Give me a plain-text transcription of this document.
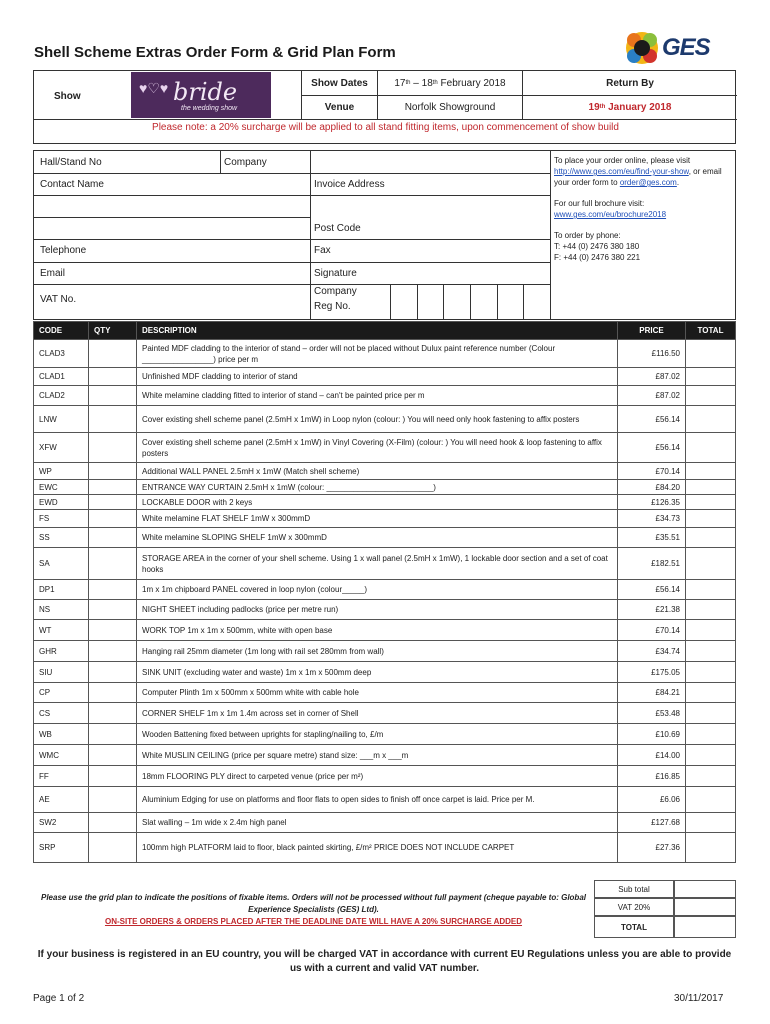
Shell Scheme Extras Order Form & Grid Plan Form	GES
Show
♥♡♥ bride
the wedding show
Show Dates	17 th – 18 th February 2018	Return By
Venue	Norfolk Showground	19 th January 2018
Please note: a 20% surcharge will be applied to all stand fitting items, upon commencement of show build
Hall/Stand No	Company
Contact Name	Invoice Address
Post Code
Telephone	Fax
Email	Signature
VAT No.
Company
Reg No.
To place your order online, please visit http://www.ges.com/eu/find-your-show, or email your order form to order@ges.com.
For our full brochure visit:
www.ges.com/eu/brochure2018
To order by phone:
T: +44 (0) 2476 380 180
F: +44 (0) 2476 380 221
CODE	QTY	DESCRIPTION	PRICE	TOTAL
CLAD3		Painted MDF cladding to the interior of stand – order will not be placed without Dulux paint reference number (Colour ________________) price per m	£116.50	
CLAD1		Unfinished MDF cladding to interior of stand	£87.02	
CLAD2		White melamine cladding fitted to interior of stand – can't be painted price per m	£87.02	
LNW		Cover existing shell scheme panel (2.5mH x 1mW) in Loop nylon (colour: ) You will need only hook fastening to affix posters	£56.14	
XFW		Cover existing shell scheme panel (2.5mH x 1mW) in Vinyl Covering (X-Film) (colour: ) You will need hook & loop fastening to affix posters	£56.14	
WP		Additional WALL PANEL 2.5mH x 1mW (Match shell scheme)	£70.14	
EWC		ENTRANCE WAY CURTAIN 2.5mH x 1mW (colour: ________________________)	£84.20	
EWD		LOCKABLE DOOR with 2 keys	£126.35	
FS		White melamine FLAT SHELF 1mW x 300mmD	£34.73	
SS		White melamine SLOPING SHELF 1mW x 300mmD	£35.51	
SA		STORAGE AREA in the corner of your shell scheme. Using 1 x wall panel (2.5mH x 1mW), 1 lockable door section and a set of coat hooks	£182.51	
DP1		1m x 1m chipboard PANEL covered in loop nylon (colour_____)	£56.14	
NS		NIGHT SHEET including padlocks (price per metre run)	£21.38	
WT		WORK TOP 1m x 1m x 500mm, white with open base	£70.14	
GHR		Hanging rail 25mm diameter (1m long with rail set 280mm from wall)	£34.74	
SIU		SINK UNIT (excluding water and waste) 1m x 1m x 500mm deep	£175.05	
CP		Computer Plinth 1m x 500mm x 500mm white with cable hole	£84.21	
CS		CORNER SHELF 1m x 1m 1.4m across set in corner of Shell	£53.48	
WB		Wooden Battening fixed between uprights for stapling/nailing to, £/m	£10.69	
WMC		White MUSLIN CEILING (price per square metre) stand size: ___m x ___m	£14.00	
FF		18mm FLOORING PLY direct to carpeted venue (price per m²)	£16.85	
AE		Aluminium Edging for use on platforms and floor flats to open sides to finish off once carpet is laid. Price per M.	£6.06	
SW2		Slat walling – 1m wide x 2.4m high panel	£127.68	
SRP		100mm high PLATFORM laid to floor, black painted skirting, £/m² PRICE DOES NOT INCLUDE CARPET	£27.36	
Please use the grid plan to indicate the positions of fixable items. Orders will not be processed without full payment (cheque payable to: Global Experience Specialists (GES) Ltd).
ON-SITE ORDERS & ORDERS PLACED AFTER THE DEADLINE DATE WILL HAVE A 20% SURCHARGE ADDED
Sub total
VAT 20%
TOTAL
If your business is registered in an EU country, you will be charged VAT in accordance with current EU Regulations unless you are able to provide us with a current and valid VAT number.
Page 1 of 2	30/11/2017
